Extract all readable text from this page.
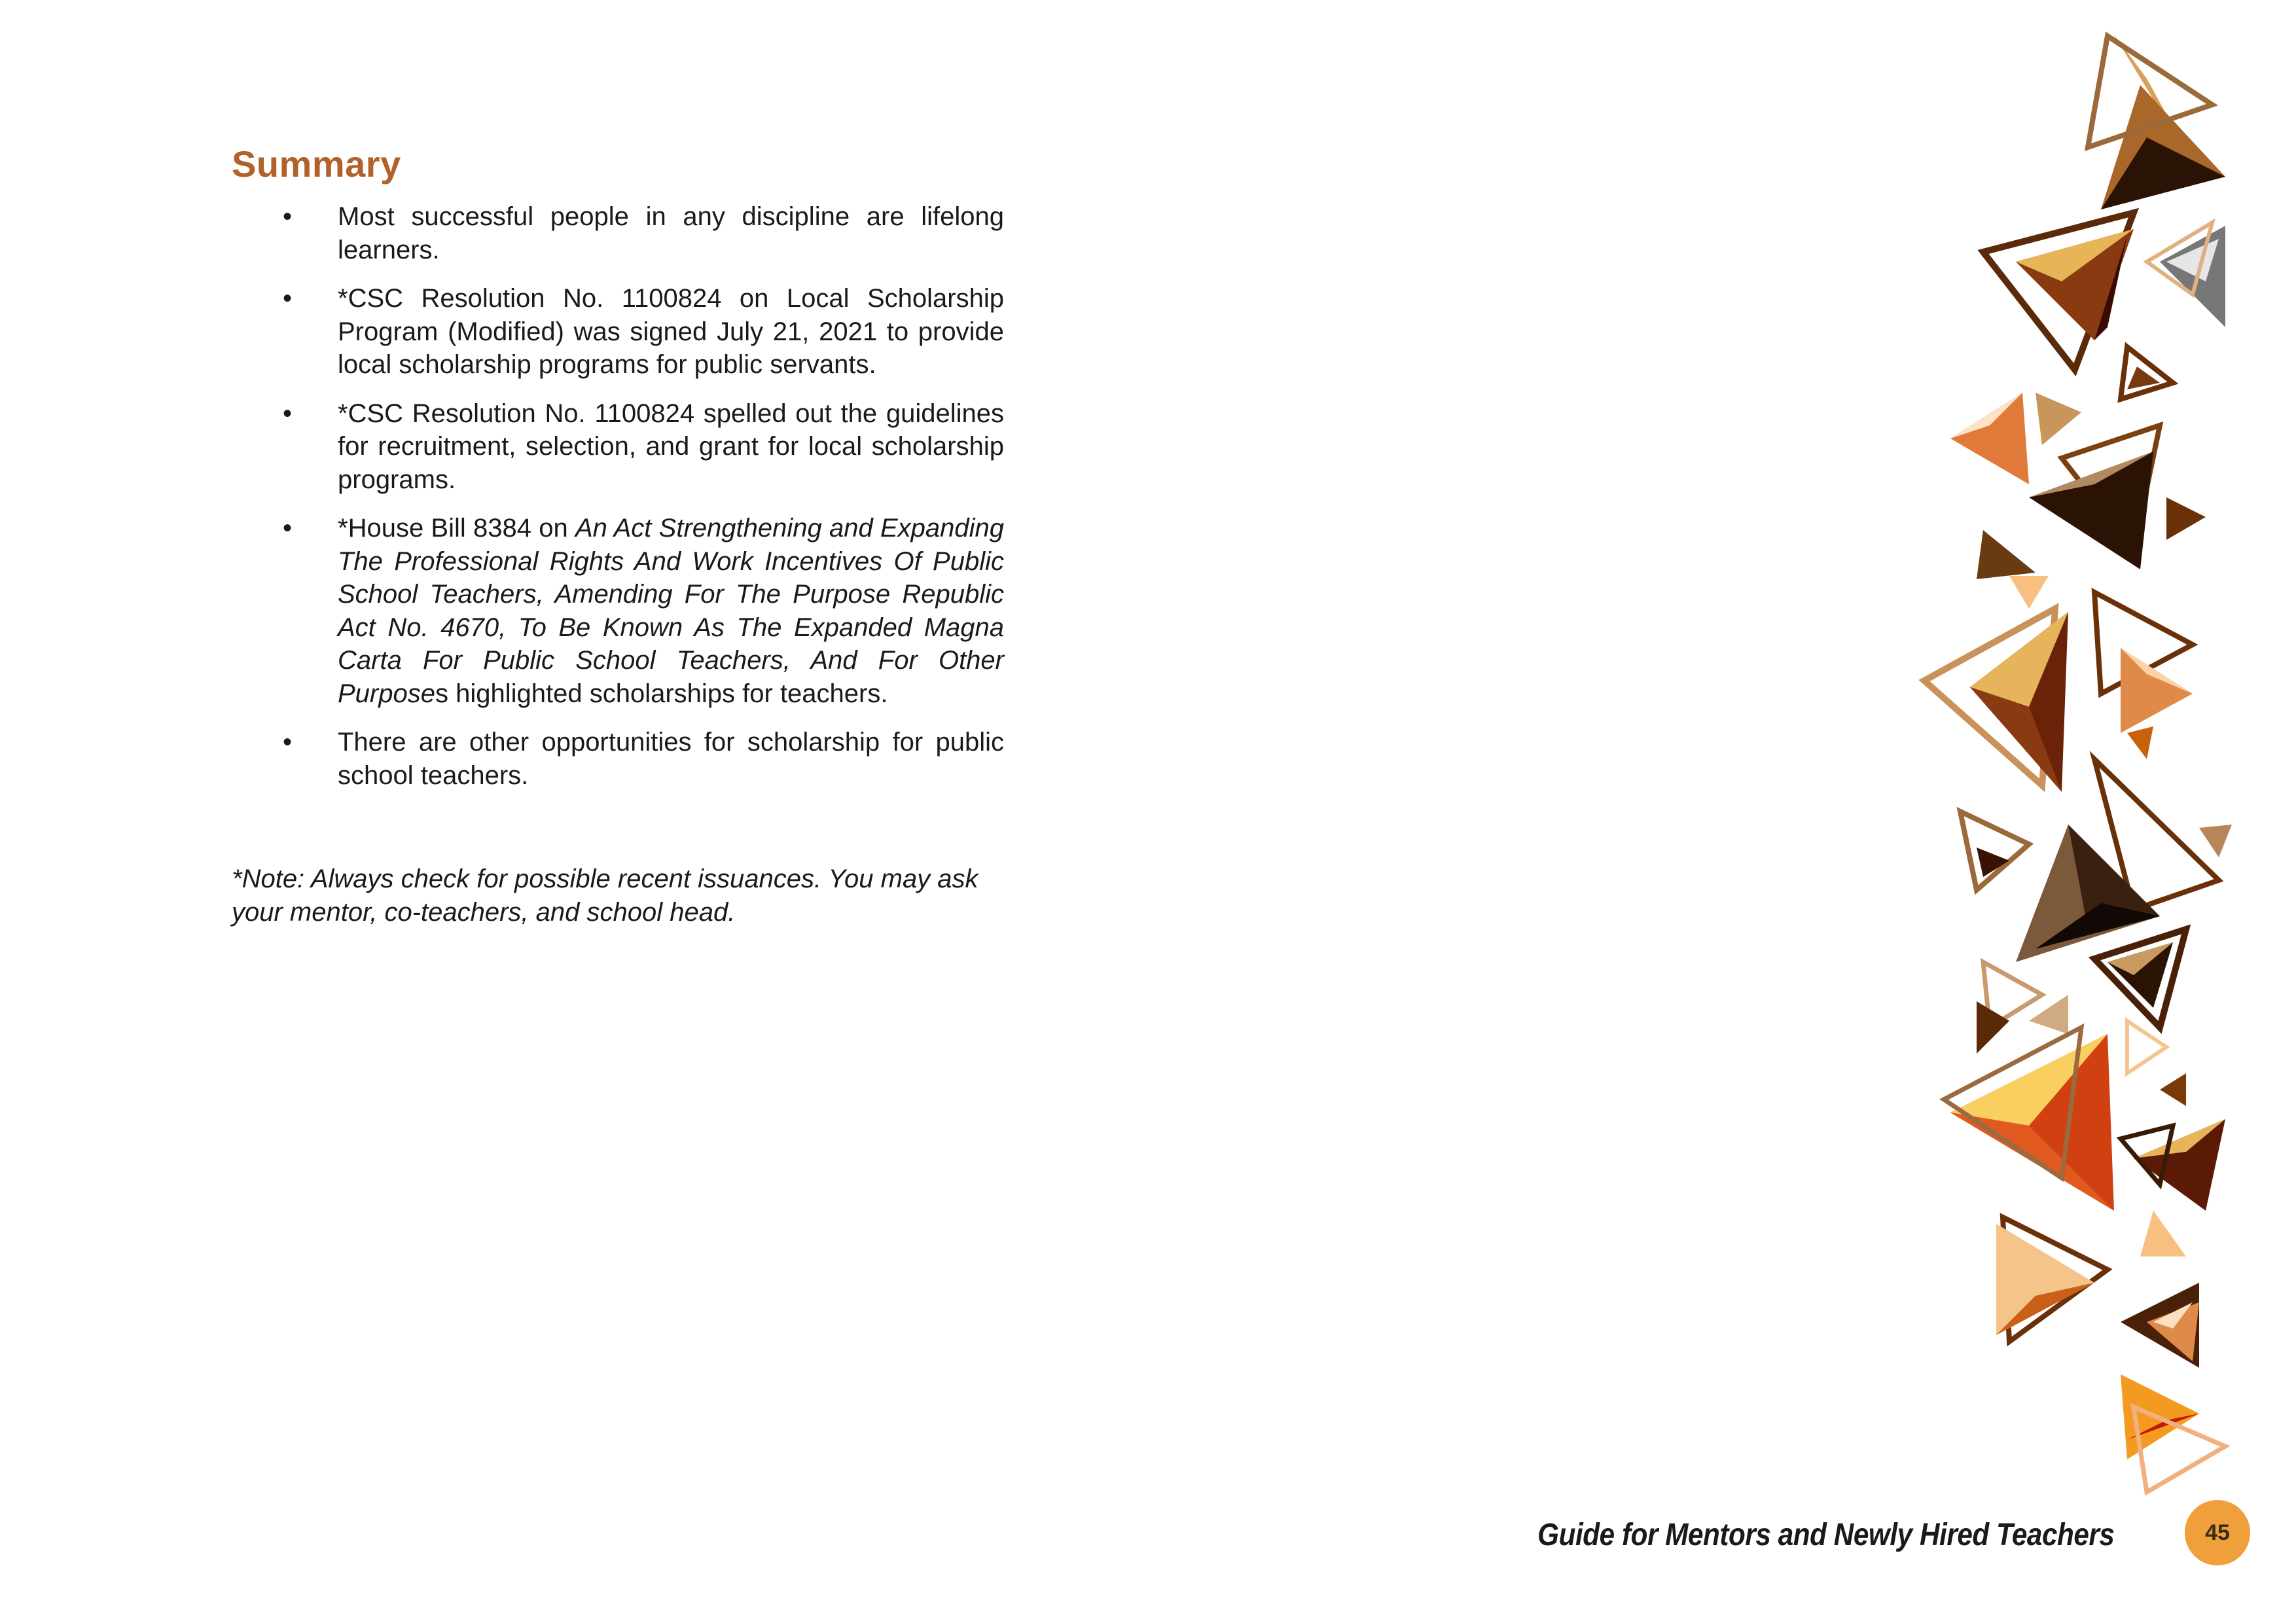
Summary
• Most successful people in any discipline are lifelong learners.
• *CSC Resolution No. 1100824 on Local Scholarship Program (Modified) was signed July 21, 2021 to provide local scholarship programs for public servants.
• *CSC Resolution No. 1100824 spelled out the guidelines for recruitment, selection, and grant for local scholarship programs.
• *House Bill 8384 on An Act Strengthening and Expanding The Professional Rights And Work Incentives Of Public School Teachers, Amending For The Purpose Republic Act No. 4670, To Be Known As The Expanded Magna Carta For Public School Teachers, And For Other Purposes highlighted scholarships for teachers.
• There are other opportunities for scholarship for public school teachers.

*Note: Always check for possible recent issuances. You may ask your mentor, co-teachers, and school head.

Guide for Mentors and Newly Hired Teachers	45
